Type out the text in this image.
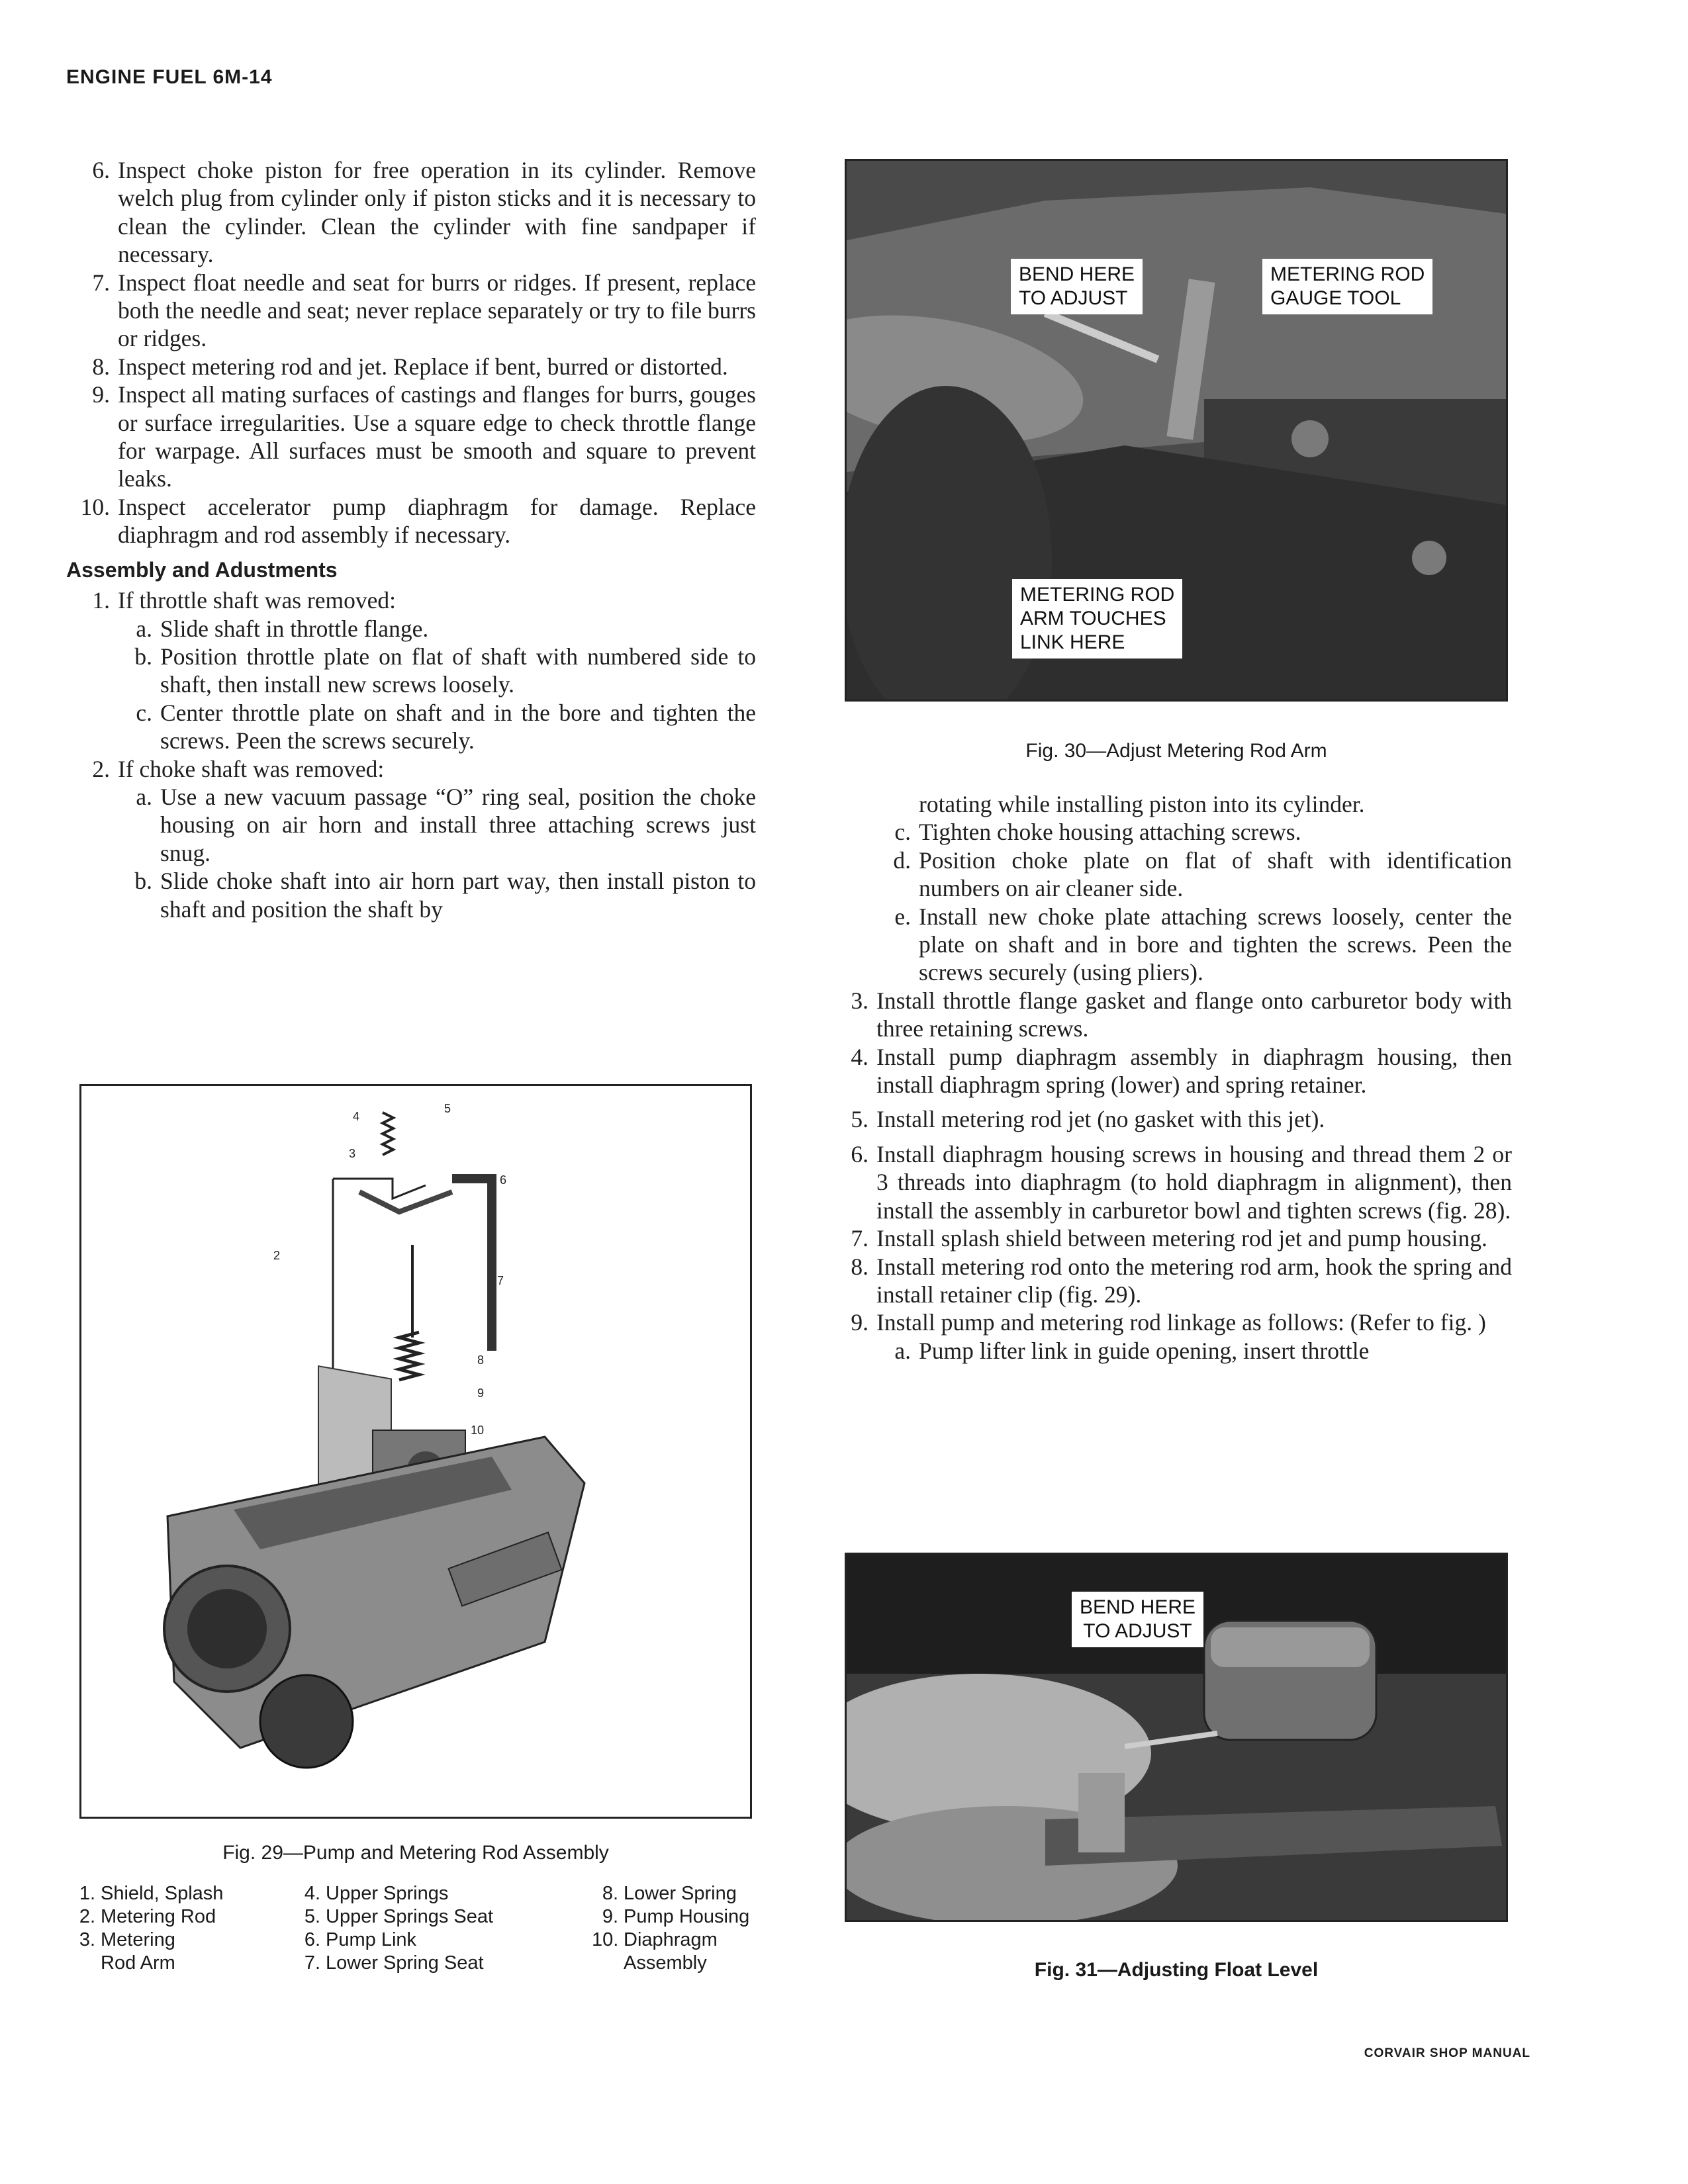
ENGINE FUEL 6M-14
CORVAIR SHOP MANUAL

6. Inspect choke piston for free operation in its cylinder. Remove welch plug from cylinder only if piston sticks and it is necessary to clean the cylinder. Clean the cylinder with fine sandpaper if necessary.

7. Inspect float needle and seat for burrs or ridges. If present, replace both the needle and seat; never replace separately or try to file burrs or ridges.

8. Inspect metering rod and jet. Replace if bent, burred or distorted.

9. Inspect all mating surfaces of castings and flanges for burrs, gouges or surface irregularities. Use a square edge to check throttle flange for warpage. All surfaces must be smooth and square to prevent leaks.

10. Inspect accelerator pump diaphragm for damage. Replace diaphragm and rod assembly if necessary.

Assembly and Adustments

1. If throttle shaft was removed:

a. Slide shaft in throttle flange.

b. Position throttle plate on flat of shaft with numbered side to shaft, then install new screws loosely.

c. Center throttle plate on shaft and in the bore and tighten the screws. Peen the screws securely.

2. If choke shaft was removed:

a. Use a new vacuum passage “O” ring seal, position the choke housing on air horn and install three attaching screws just snug.

b. Slide choke shaft into air horn part way, then install piston to shaft and position the shaft by

2
3
4
5
6
7
8
9
10
Fig. 29—Pump and Metering Rod Assembly
1. Shield, Splash
2. Metering Rod
3. Metering
Rod Arm
4. Upper Springs
5. Upper Springs Seat
6. Pump Link
7. Lower Spring Seat
8. Lower Spring
9. Pump Housing
10. Diaphragm
Assembly
BEND HERE
TO ADJUST
METERING ROD
GAUGE TOOL
METERING ROD
ARM TOUCHES
LINK HERE
Fig. 30—Adjust Metering Rod Arm

rotating while installing piston into its cylinder.

c. Tighten choke housing attaching screws.

d. Position choke plate on flat of shaft with identification numbers on air cleaner side.

e. Install new choke plate attaching screws loosely, center the plate on shaft and in bore and tighten the screws. Peen the screws securely (using pliers).

3. Install throttle flange gasket and flange onto carburetor body with three retaining screws.

4. Install pump diaphragm assembly in diaphragm housing, then install diaphragm spring (lower) and spring retainer.

5. Install metering rod jet (no gasket with this jet).

6. Install diaphragm housing screws in housing and thread them 2 or 3 threads into diaphragm (to hold diaphragm in alignment), then install the assembly in carburetor bowl and tighten screws (fig. 28).

7. Install splash shield between metering rod jet and pump housing.

8. Install metering rod onto the metering rod arm, hook the spring and install retainer clip (fig. 29).

9. Install pump and metering rod linkage as follows: (Refer to fig. )

a. Pump lifter link in guide opening, insert throttle

BEND HERE
TO ADJUST
Fig. 31—Adjusting Float Level
